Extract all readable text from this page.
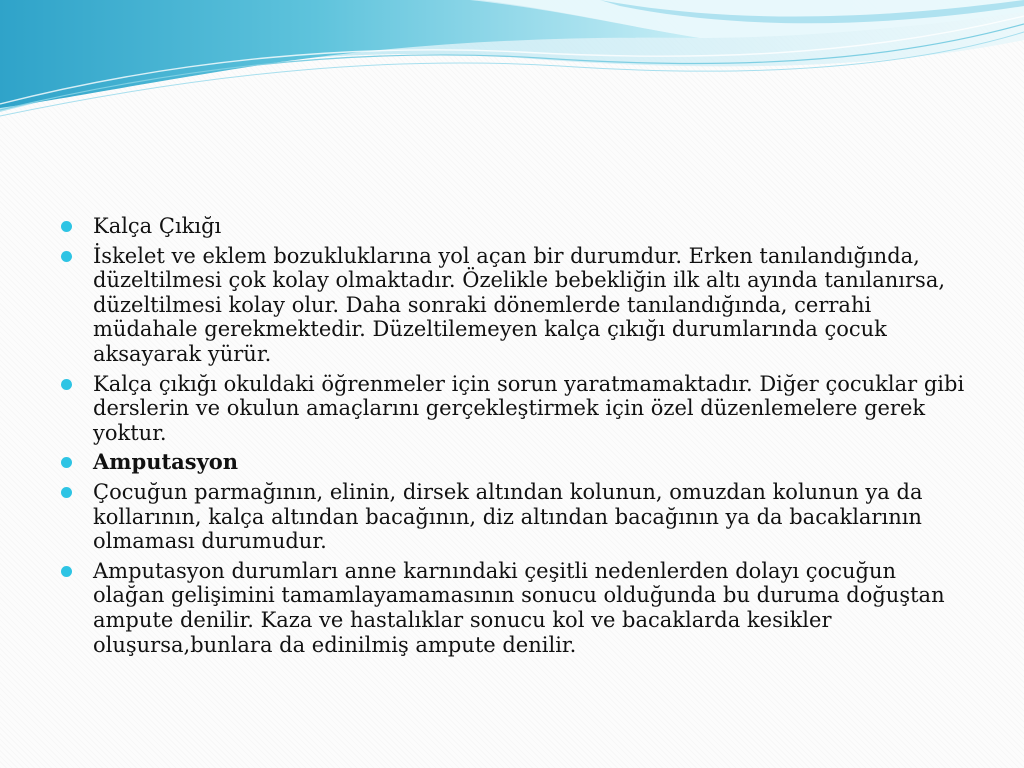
Kalça Çıkığı
İskelet ve eklem bozukluklarına yol açan bir durumdur. Erken tanılandığında, düzeltilmesi çok kolay olmaktadır. Özelikle bebekliğin ilk altı ayında tanılanırsa, düzeltilmesi kolay olur. Daha sonraki dönemlerde tanılandığında, cerrahi müdahale gerekmektedir. Düzeltilemeyen kalça çıkığı durumlarında çocuk aksayarak yürür.
Kalça çıkığı okuldaki öğrenmeler için sorun yaratmamaktadır. Diğer çocuklar gibi derslerin ve okulun amaçlarını gerçekleştirmek için özel düzenlemelere gerek yoktur.
Amputasyon
Çocuğun parmağının, elinin, dirsek altından kolunun, omuzdan kolunun ya da kollarının, kalça altından bacağının, diz altından bacağının ya da bacaklarının olmaması durumudur.
Amputasyon durumları anne karnındaki çeşitli nedenlerden dolayı çocuğun olağan gelişimini tamamlayamamasının sonucu olduğunda bu duruma doğuştan ampute denilir. Kaza ve hastalıklar sonucu kol ve bacaklarda kesikler oluşursa,bunlara da edinilmiş ampute denilir.
